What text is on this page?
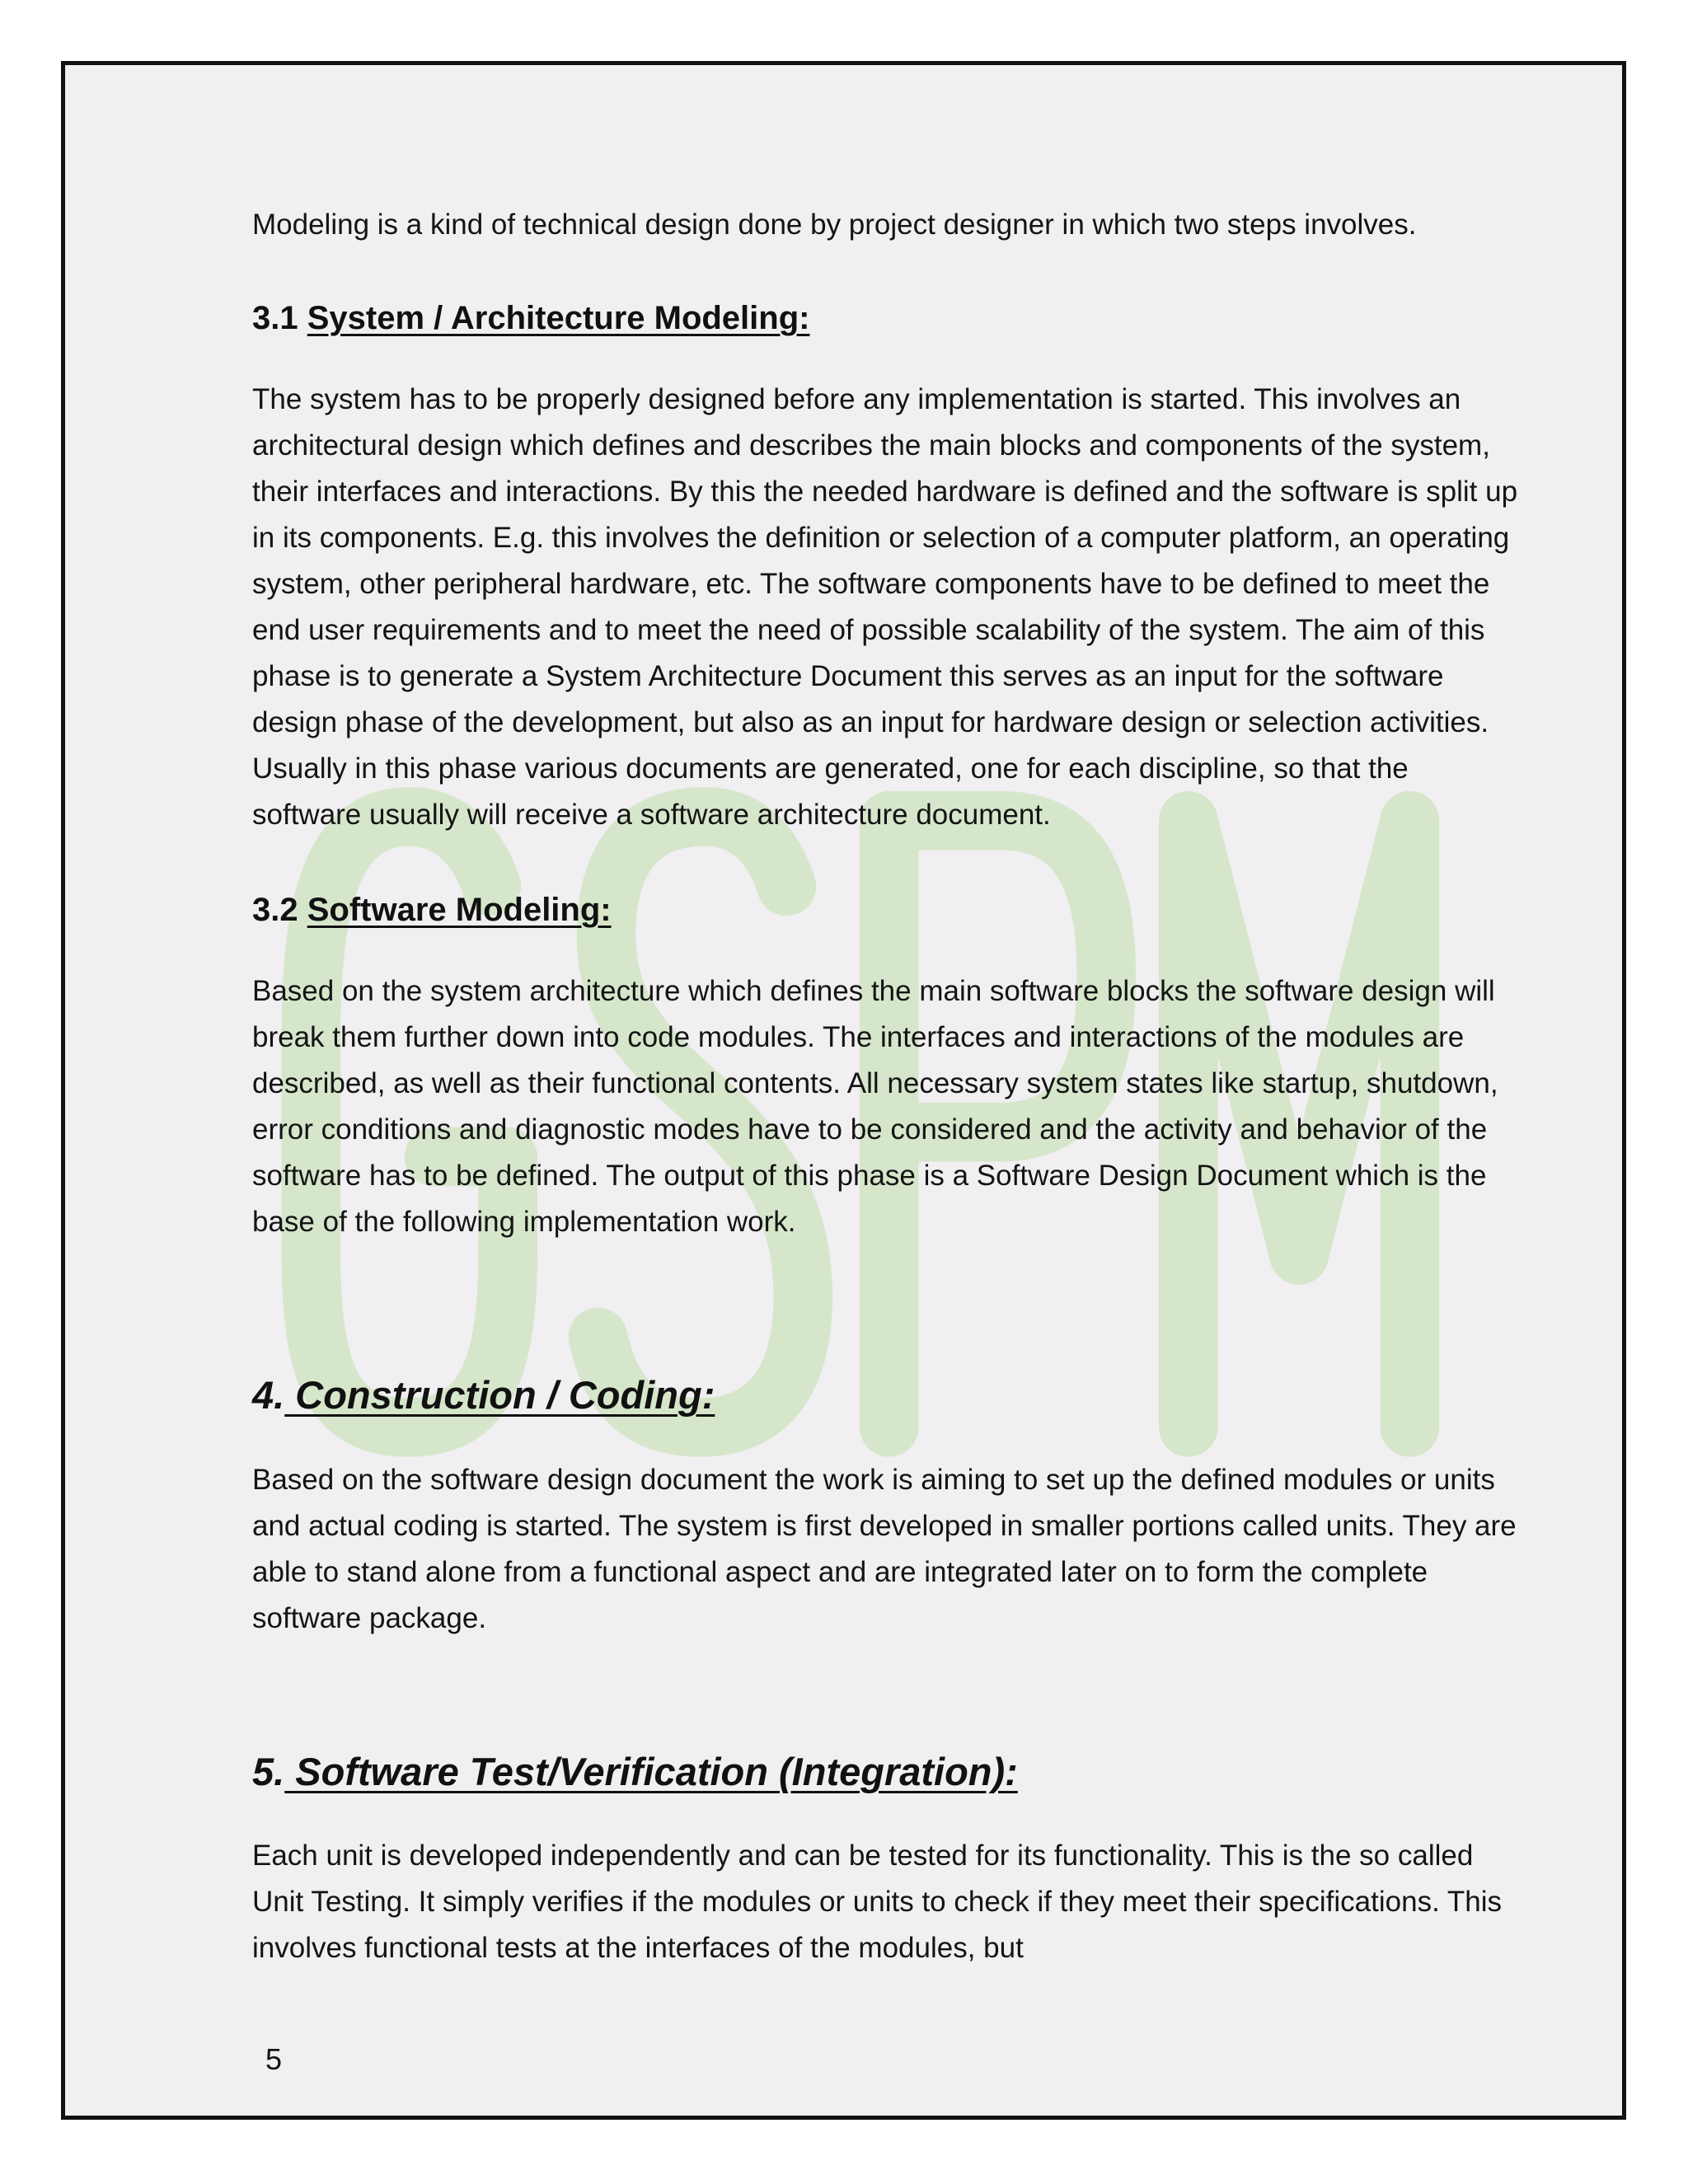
Modeling is a kind of technical design done by project designer in which two steps involves.

3.1 System / Architecture Modeling:

The system has to be properly designed before any implementation is started. This involves an architectural design which defines and describes the main blocks and components of the system, their interfaces and interactions. By this the needed hardware is defined and the software is split up in its components. E.g. this involves the definition or selection of a computer platform, an operating system, other peripheral hardware, etc. The software components have to be defined to meet the end user requirements and to meet the need of possible scalability of the system. The aim of this phase is to generate a System Architecture Document this serves as an input for the software design phase of the development, but also as an input for hardware design or selection activities. Usually in this phase various documents are generated, one for each discipline, so that the software usually will receive a software architecture document.

3.2 Software Modeling:

Based on the system architecture which defines the main software blocks the software design will break them further down into code modules. The interfaces and interactions of the modules are described, as well as their functional contents. All necessary system states like startup, shutdown, error conditions and diagnostic modes have to be considered and the activity and behavior of the software has to be defined. The output of this phase is a Software Design Document which is the base of the following implementation work.

4. Construction / Coding:

Based on the software design document the work is aiming to set up the defined modules or units and actual coding is started. The system is first developed in smaller portions called units. They are able to stand alone from a functional aspect and are integrated later on to form the complete software package.

5. Software Test/Verification (Integration):

Each unit is developed independently and can be tested for its functionality. This is the so called Unit Testing. It simply verifies if the modules or units to check if they meet their specifications. This involves functional tests at the interfaces of the modules, but

5
